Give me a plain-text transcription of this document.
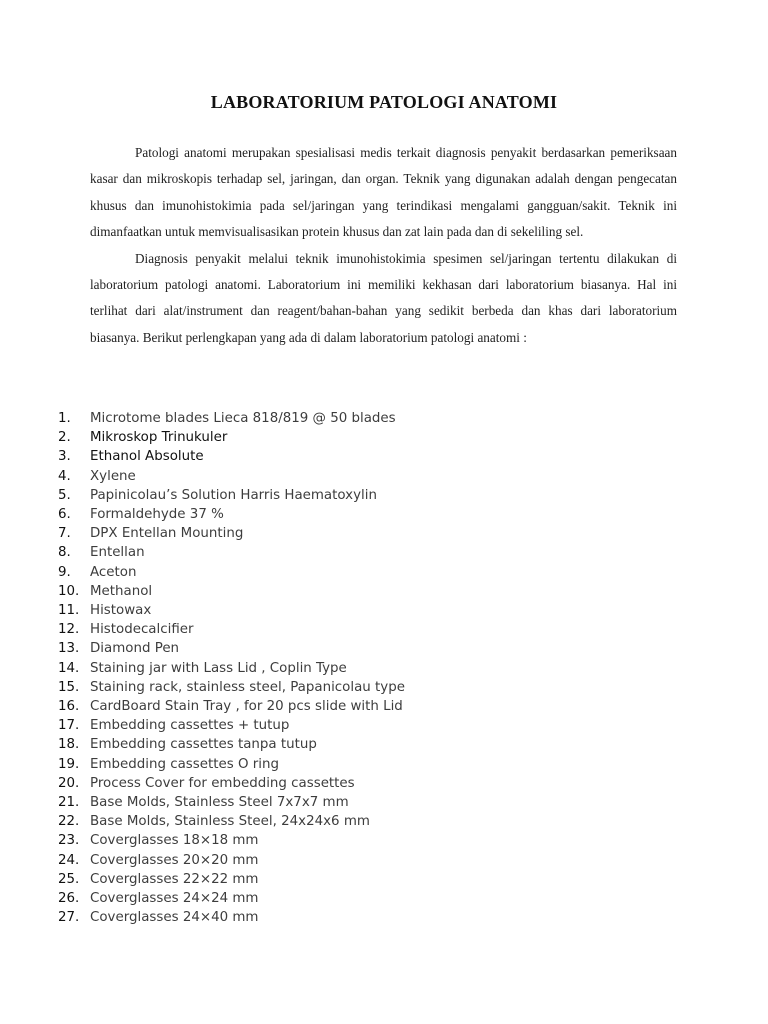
LABORATORIUM PATOLOGI ANATOMI

Patologi anatomi merupakan spesialisasi medis terkait diagnosis penyakit berdasarkan pemeriksaan kasar dan mikroskopis terhadap sel, jaringan, dan organ. Teknik yang digunakan adalah dengan pengecatan khusus dan imunohistokimia pada sel/jaringan yang terindikasi mengalami gangguan/sakit. Teknik ini dimanfaatkan untuk memvisualisasikan protein khusus dan zat lain pada dan di sekeliling sel.

Diagnosis penyakit melalui teknik imunohistokimia spesimen sel/jaringan tertentu dilakukan di laboratorium patologi anatomi. Laboratorium ini memiliki kekhasan dari laboratorium biasanya. Hal ini terlihat dari alat/instrument dan reagent/bahan-bahan yang sedikit berbeda dan khas dari laboratorium biasanya. Berikut perlengkapan yang ada di dalam laboratorium patologi anatomi :

1.	Microtome blades Lieca 818/819 @ 50 blades
2.	Mikroskop Trinukuler
3.	Ethanol Absolute
4.	Xylene
5.	Papinicolau’s Solution Harris Haematoxylin
6.	Formaldehyde 37 %
7.	DPX Entellan Mounting
8.	Entellan
9.	Aceton
10. Methanol
11. Histowax
12. Histodecalcifier
13. Diamond Pen
14. Staining jar with Lass Lid , Coplin Type
15. Staining rack, stainless steel, Papanicolau type
16. CardBoard Stain Tray , for 20 pcs slide with Lid
17. Embedding cassettes + tutup
18. Embedding cassettes tanpa tutup
19. Embedding cassettes O ring
20. Process Cover for embedding cassettes
21. Base Molds, Stainless Steel 7x7x7 mm
22. Base Molds, Stainless Steel, 24x24x6 mm
23. Coverglasses 18×18 mm
24. Coverglasses 20×20 mm
25. Coverglasses 22×22 mm
26. Coverglasses 24×24 mm
27. Coverglasses 24×40 mm
